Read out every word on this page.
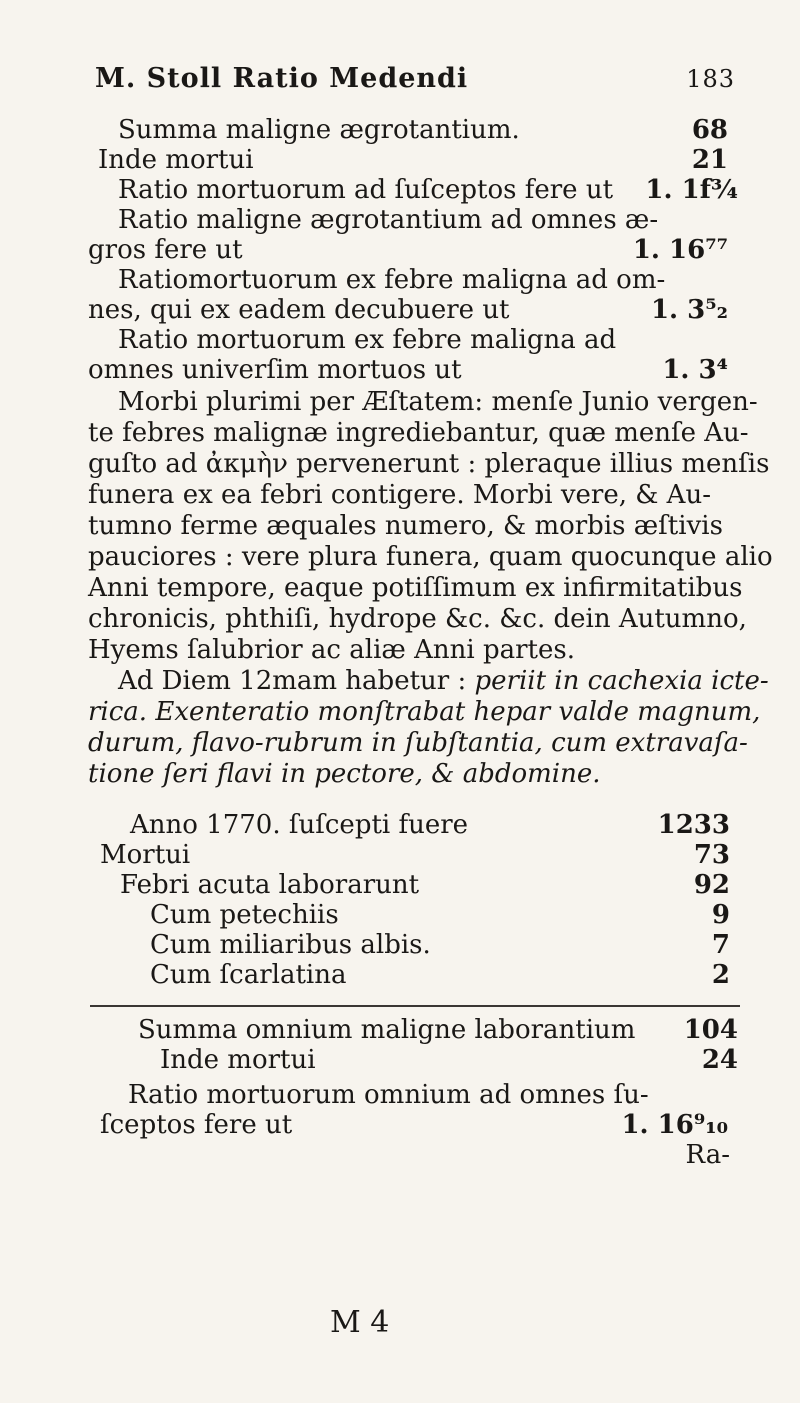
M. Stoll Ratio Medendi	183
Summa maligne ægrotantium.	68
Inde mortui	21
Ratio mortuorum ad ſuſceptos fere ut 1. 1f¾
Ratio maligne ægrotantium ad omnes æ-
gros fere ut	1. 16⁷⁷
Ratiomortuorum ex febre maligna ad om-
nes, qui ex eadem decubuere ut	1. 3⁵₂
Ratio mortuorum ex febre maligna ad
omnes univerſim mortuos ut	1. 3⁴
Morbi plurimi per Æſtatem: menſe Junio vergen-
te febres malignæ ingrediebantur, quæ menſe Au-
guſto ad ἀκμὴν pervenerunt : pleraque illius menſis
funera ex ea febri contigere. Morbi vere, & Au-
tumno ferme æquales numero, & morbis æſtivis
pauciores : vere plura funera, quam quocunque alio
Anni tempore, eaque potiſſimum ex infirmitatibus
chronicis, phthiſi, hydrope &c. &c. dein Autumno,
Hyems ſalubrior ac aliæ Anni partes.
Ad Diem 12mam habetur : periit in cachexia ictе-
rica. Exenteratio monſtrabat hepar valde magnum,
durum, flavo-rubrum in ſubſtantia, cum extravaſa-
tione ſeri flavi in pectore, & abdomine.
Anno 1770. ſuſcepti fuere	1233
Mortui	73
Febri acuta laborarunt	92
Cum petechiis	9
Cum miliaribus albis.	7
Cum ſcarlatina	2
Summa omnium maligne laborantium 104
Inde mortui	24
Ratio mortuorum omnium ad omnes ſu-
ſceptos fere ut	1. 16⁹₁₀
Ra-
M 4
